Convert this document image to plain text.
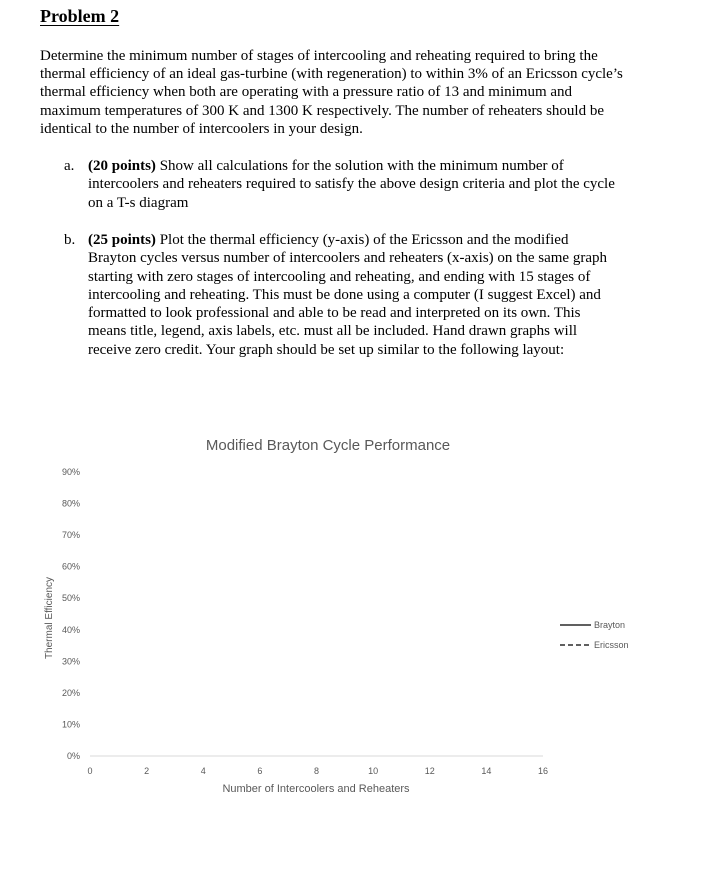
Problem 2
Determine the minimum number of stages of intercooling and reheating required to bring the thermal efficiency of an ideal gas-turbine (with regeneration) to within 3% of an Ericsson cycle’s thermal efficiency when both are operating with a pressure ratio of 13 and minimum and maximum temperatures of 300 K and 1300 K respectively. The number of reheaters should be identical to the number of intercoolers in your design.
a. (20 points) Show all calculations for the solution with the minimum number of intercoolers and reheaters required to satisfy the above design criteria and plot the cycle on a T-s diagram
b. (25 points) Plot the thermal efficiency (y-axis) of the Ericsson and the modified Brayton cycles versus number of intercoolers and reheaters (x-axis) on the same graph starting with zero stages of intercooling and reheating, and ending with 15 stages of intercooling and reheating. This must be done using a computer (I suggest Excel) and formatted to look professional and able to be read and interpreted on its own. This means title, legend, axis labels, etc. must all be included. Hand drawn graphs will receive zero credit. Your graph should be set up similar to the following layout:
Modified Brayton Cycle Performance
90%
80%
70%
60%
50%
40%
30%
20%
10%
0%
0	2	4	6	8	10	12	14	16
Thermal Efficiency
Number of Intercoolers and Reheaters
Brayton
Ericsson
